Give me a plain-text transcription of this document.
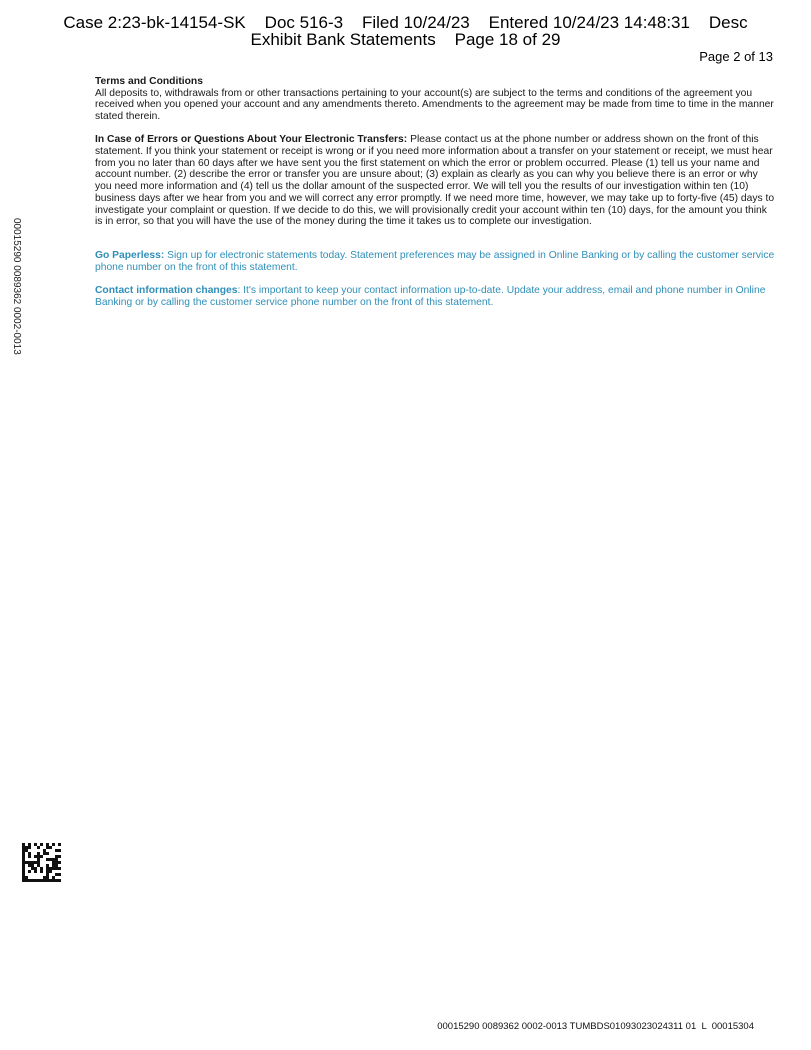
Case 2:23-bk-14154-SK    Doc 516-3    Filed 10/24/23    Entered 10/24/23 14:48:31    Desc
Exhibit Bank Statements    Page 18 of 29
Page 2 of 13
00015290 0089362 0002-0013

Terms and Conditions

All deposits to, withdrawals from or other transactions pertaining to your account(s) are subject to the terms and conditions of the agreement you received when you opened your account and any amendments thereto. Amendments to the agreement may be made from time to time in the manner stated therein.

In Case of Errors or Questions About Your Electronic Transfers: Please contact us at the phone number or address shown on the front of this statement. If you think your statement or receipt is wrong or if you need more information about a transfer on your statement or receipt, we must hear from you no later than 60 days after we have sent you the first statement on which the error or problem occurred. Please (1) tell us your name and account number. (2) describe the error or transfer you are unsure about; (3) explain as clearly as you can why you believe there is an error or why you need more information and (4) tell us the dollar amount of the suspected error. We will tell you the results of our investigation within ten (10) business days after we hear from you and we will correct any error promptly. If we need more time, however, we may take up to forty-five (45) days to investigate your complaint or question. If we decide to do this, we will provisionally credit your account within ten (10) days, for the amount you think is in error, so that you will have the use of the money during the time it takes us to complete our investigation.

Go Paperless: Sign up for electronic statements today. Statement preferences may be assigned in Online Banking or by calling the customer service phone number on the front of this statement.

Contact information changes: It's important to keep your contact information up-to-date. Update your address, email and phone number in Online Banking or by calling the customer service phone number on the front of this statement.

00015290 0089362 0002-0013 TUMBDS01093023024311 01  L  00015304
